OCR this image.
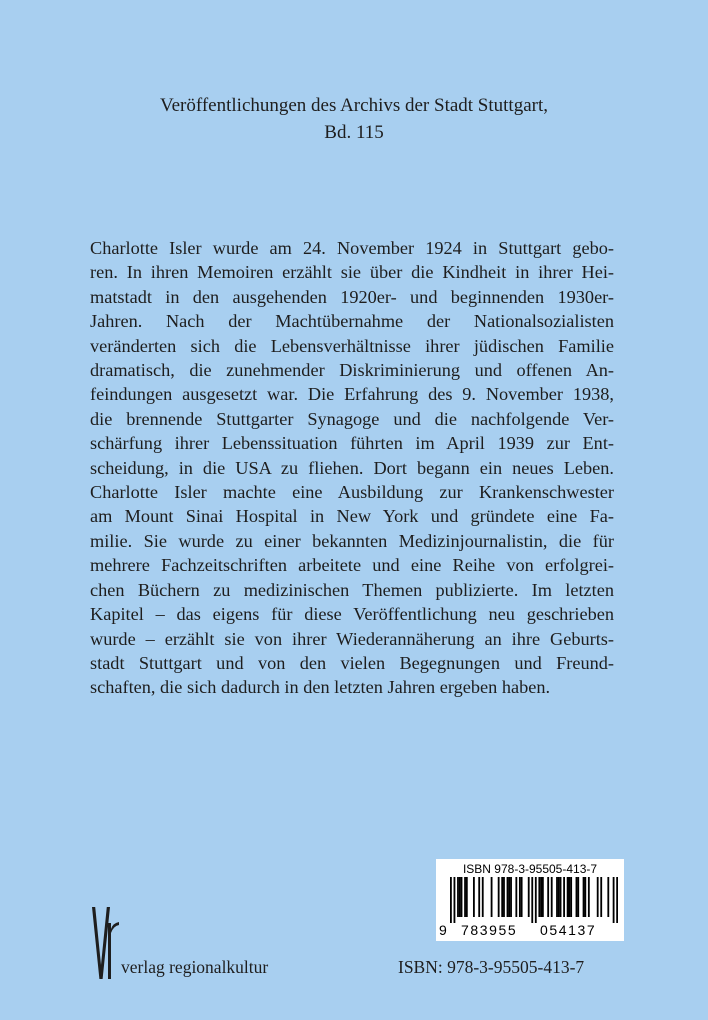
Veröffentlichungen des Archivs der Stadt Stuttgart,
Bd. 115
Charlotte Isler wurde am 24. November 1924 in Stuttgart gebo-
ren. In ihren Memoiren erzählt sie über die Kindheit in ihrer Hei-
matstadt in den ausgehenden 1920er- und beginnenden 1930er-
Jahren. Nach der Machtübernahme der Nationalsozialisten
veränderten sich die Lebensverhältnisse ihrer jüdischen Familie
dramatisch, die zunehmender Diskriminierung und offenen An-
feindungen ausgesetzt war. Die Erfahrung des 9. November 1938,
die brennende Stuttgarter Synagoge und die nachfolgende Ver-
schärfung ihrer Lebenssituation führten im April 1939 zur Ent-
scheidung, in die USA zu fliehen. Dort begann ein neues Leben.
Charlotte Isler machte eine Ausbildung zur Krankenschwester
am Mount Sinai Hospital in New York und gründete eine Fa-
milie. Sie wurde zu einer bekannten Medizinjournalistin, die für
mehrere Fachzeitschriften arbeitete und eine Reihe von erfolgrei-
chen Büchern zu medizinischen Themen publizierte. Im letzten
Kapitel – das eigens für diese Veröffentlichung neu geschrieben
wurde – erzählt sie von ihrer Wiederannäherung an ihre Geburts-
stadt Stuttgart und von den vielen Begegnungen und Freund-
schaften, die sich dadurch in den letzten Jahren ergeben haben.
ISBN 978-3-95505-413-7
9 783955 054137
verlag regionalkultur	ISBN: 978-3-95505-413-7
